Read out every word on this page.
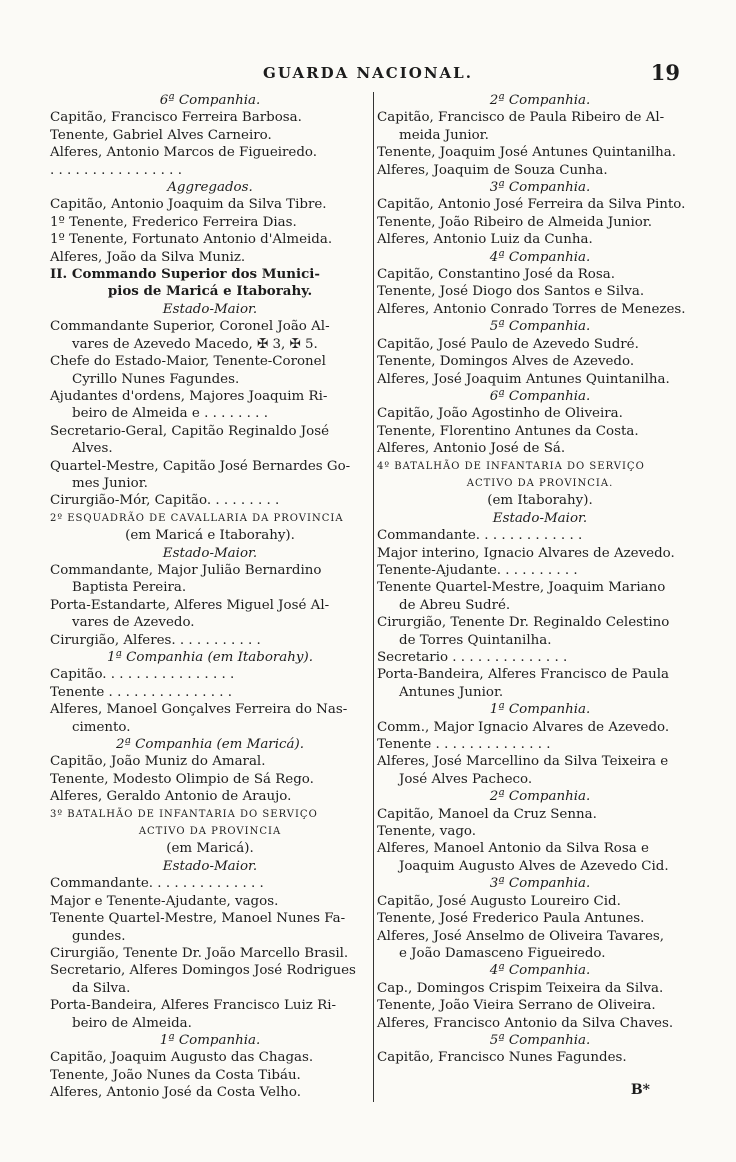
GUARDA NACIONAL.	19
6ª Companhia.
Capitão, Francisco Ferreira Barbosa.
Tenente, Gabriel Alves Carneiro.
Alferes, Antonio Marcos de Figueiredo.
. . . . . . . . . . . . . . . .
Aggregados.
Capitão, Antonio Joaquim da Silva Tibre.
1º Tenente, Frederico Ferreira Dias.
1º Tenente, Fortunato Antonio d'Almeida.
Alferes, João da Silva Muniz.
II. Commando Superior dos Munici-
pios de Maricá e Itaborahy.
Estado-Maior.
Commandante Superior, Coronel João Al-
vares de Azevedo Macedo, ✠ 3, ✠ 5.
Chefe do Estado-Maior, Tenente-Coronel
Cyrillo Nunes Fagundes.
Ajudantes d'ordens, Majores Joaquim Ri-
beiro de Almeida e . . . . . . . .
Secretario-Geral, Capitão Reginaldo José
Alves.
Quartel-Mestre, Capitão José Bernardes Go-
mes Junior.
Cirurgião-Mór, Capitão. . . . . . . . .
2º ESQUADRÃO DE CAVALLARIA DA PROVINCIA
(em Maricá e Itaborahy).
Estado-Maior.
Commandante, Major Julião Bernardino
Baptista Pereira.
Porta-Estandarte, Alferes Miguel José Al-
vares de Azevedo.
Cirurgião, Alferes. . . . . . . . . . .
1ª Companhia (em Itaborahy).
Capitão. . . . . . . . . . . . . . . .
Tenente . . . . . . . . . . . . . . .
Alferes, Manoel Gonçalves Ferreira do Nas-
cimento.
2ª Companhia (em Maricá).
Capitão, João Muniz do Amaral.
Tenente, Modesto Olimpio de Sá Rego.
Alferes, Geraldo Antonio de Araujo.
3º BATALHÃO DE INFANTARIA DO SERVIÇO
ACTIVO DA PROVINCIA
(em Maricá).
Estado-Maior.
Commandante. . . . . . . . . . . . . .
Major e Tenente-Ajudante, vagos.
Tenente Quartel-Mestre, Manoel Nunes Fa-
gundes.
Cirurgião, Tenente Dr. João Marcello Brasil.
Secretario, Alferes Domingos José Rodrigues
da Silva.
Porta-Bandeira, Alferes Francisco Luiz Ri-
beiro de Almeida.
1ª Companhia.
Capitão, Joaquim Augusto das Chagas.
Tenente, João Nunes da Costa Tibáu.
Alferes, Antonio José da Costa Velho.
2ª Companhia.
Capitão, Francisco de Paula Ribeiro de Al-
meida Junior.
Tenente, Joaquim José Antunes Quintanilha.
Alferes, Joaquim de Souza Cunha.
3ª Companhia.
Capitão, Antonio José Ferreira da Silva Pinto.
Tenente, João Ribeiro de Almeida Junior.
Alferes, Antonio Luiz da Cunha.
4ª Companhia.
Capitão, Constantino José da Rosa.
Tenente, José Diogo dos Santos e Silva.
Alferes, Antonio Conrado Torres de Menezes.
5ª Companhia.
Capitão, José Paulo de Azevedo Sudré.
Tenente, Domingos Alves de Azevedo.
Alferes, José Joaquim Antunes Quintanilha.
6ª Companhia.
Capitão, João Agostinho de Oliveira.
Tenente, Florentino Antunes da Costa.
Alferes, Antonio José de Sá.
4º BATALHÃO DE INFANTARIA DO SERVIÇO
ACTIVO DA PROVINCIA.
(em Itaborahy).
Estado-Maior.
Commandante. . . . . . . . . . . . .
Major interino, Ignacio Alvares de Azevedo.
Tenente-Ajudante. . . . . . . . . .
Tenente Quartel-Mestre, Joaquim Mariano
de Abreu Sudré.
Cirurgião, Tenente Dr. Reginaldo Celestino
de Torres Quintanilha.
Secretario . . . . . . . . . . . . . .
Porta-Bandeira, Alferes Francisco de Paula
Antunes Junior.
1ª Companhia.
Comm., Major Ignacio Alvares de Azevedo.
Tenente . . . . . . . . . . . . . .
Alferes, José Marcellino da Silva Teixeira e
José Alves Pacheco.
2ª Companhia.
Capitão, Manoel da Cruz Senna.
Tenente, vago.
Alferes, Manoel Antonio da Silva Rosa e
Joaquim Augusto Alves de Azevedo Cid.
3ª Companhia.
Capitão, José Augusto Loureiro Cid.
Tenente, José Frederico Paula Antunes.
Alferes, José Anselmo de Oliveira Tavares,
e João Damasceno Figueiredo.
4ª Companhia.
Cap., Domingos Crispim Teixeira da Silva.
Tenente, João Vieira Serrano de Oliveira.
Alferes, Francisco Antonio da Silva Chaves.
5ª Companhia.
Capitão, Francisco Nunes Fagundes.
B*
